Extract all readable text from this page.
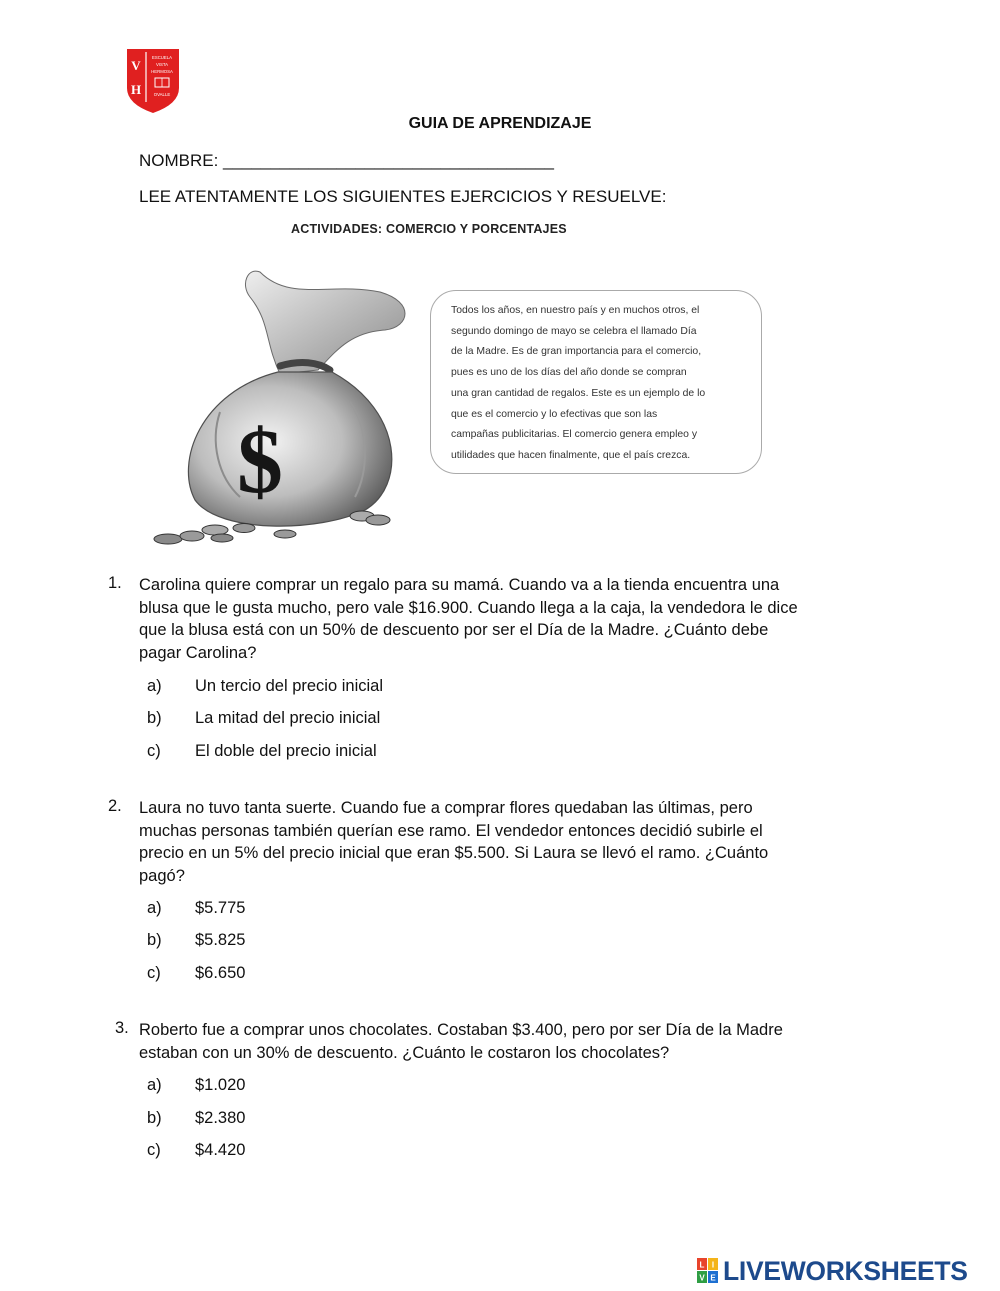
V
H
ESCUELA
VISTA
HERMOSA
OVALLE
GUIA DE APRENDIZAJE
NOMBRE: ___________________________________
LEE ATENTAMENTE LOS SIGUIENTES EJERCICIOS Y RESUELVE:
ACTIVIDADES: COMERCIO Y PORCENTAJES
$
Todos los años, en nuestro país y en muchos otros, el
segundo domingo de mayo se celebra el llamado Día
de la Madre. Es de gran importancia para el comercio,
pues es uno de los días del año donde se compran
una gran cantidad de regalos. Este es un ejemplo de lo
que es el comercio y lo efectivas que son las
campañas publicitarias. El comercio genera empleo y
utilidades que hacen finalmente, que el país crezca.
1. Carolina quiere comprar un regalo para su mamá. Cuando va a la tienda encuentra una
blusa que le gusta mucho, pero vale $16.900. Cuando llega a la caja, la vendedora le dice
que la blusa está con un 50% de descuento por ser el Día de la Madre. ¿Cuánto debe
pagar Carolina?
a) Un tercio del precio inicial
b) La mitad del precio inicial
c) El doble del precio inicial
2. Laura no tuvo tanta suerte. Cuando fue a comprar flores quedaban las últimas, pero
muchas personas también querían ese ramo. El vendedor entonces decidió subirle el
precio en un 5% del precio inicial que eran $5.500. Si Laura se llevó el ramo. ¿Cuánto
pagó?
a) $5.775
b) $5.825
c) $6.650
3. Roberto fue a comprar unos chocolates. Costaban $3.400, pero por ser Día de la Madre
estaban con un 30% de descuento. ¿Cuánto le costaron los chocolates?
a) $1.020
b) $2.380
c) $4.420
L I
V E LIVEWORKSHEETS
